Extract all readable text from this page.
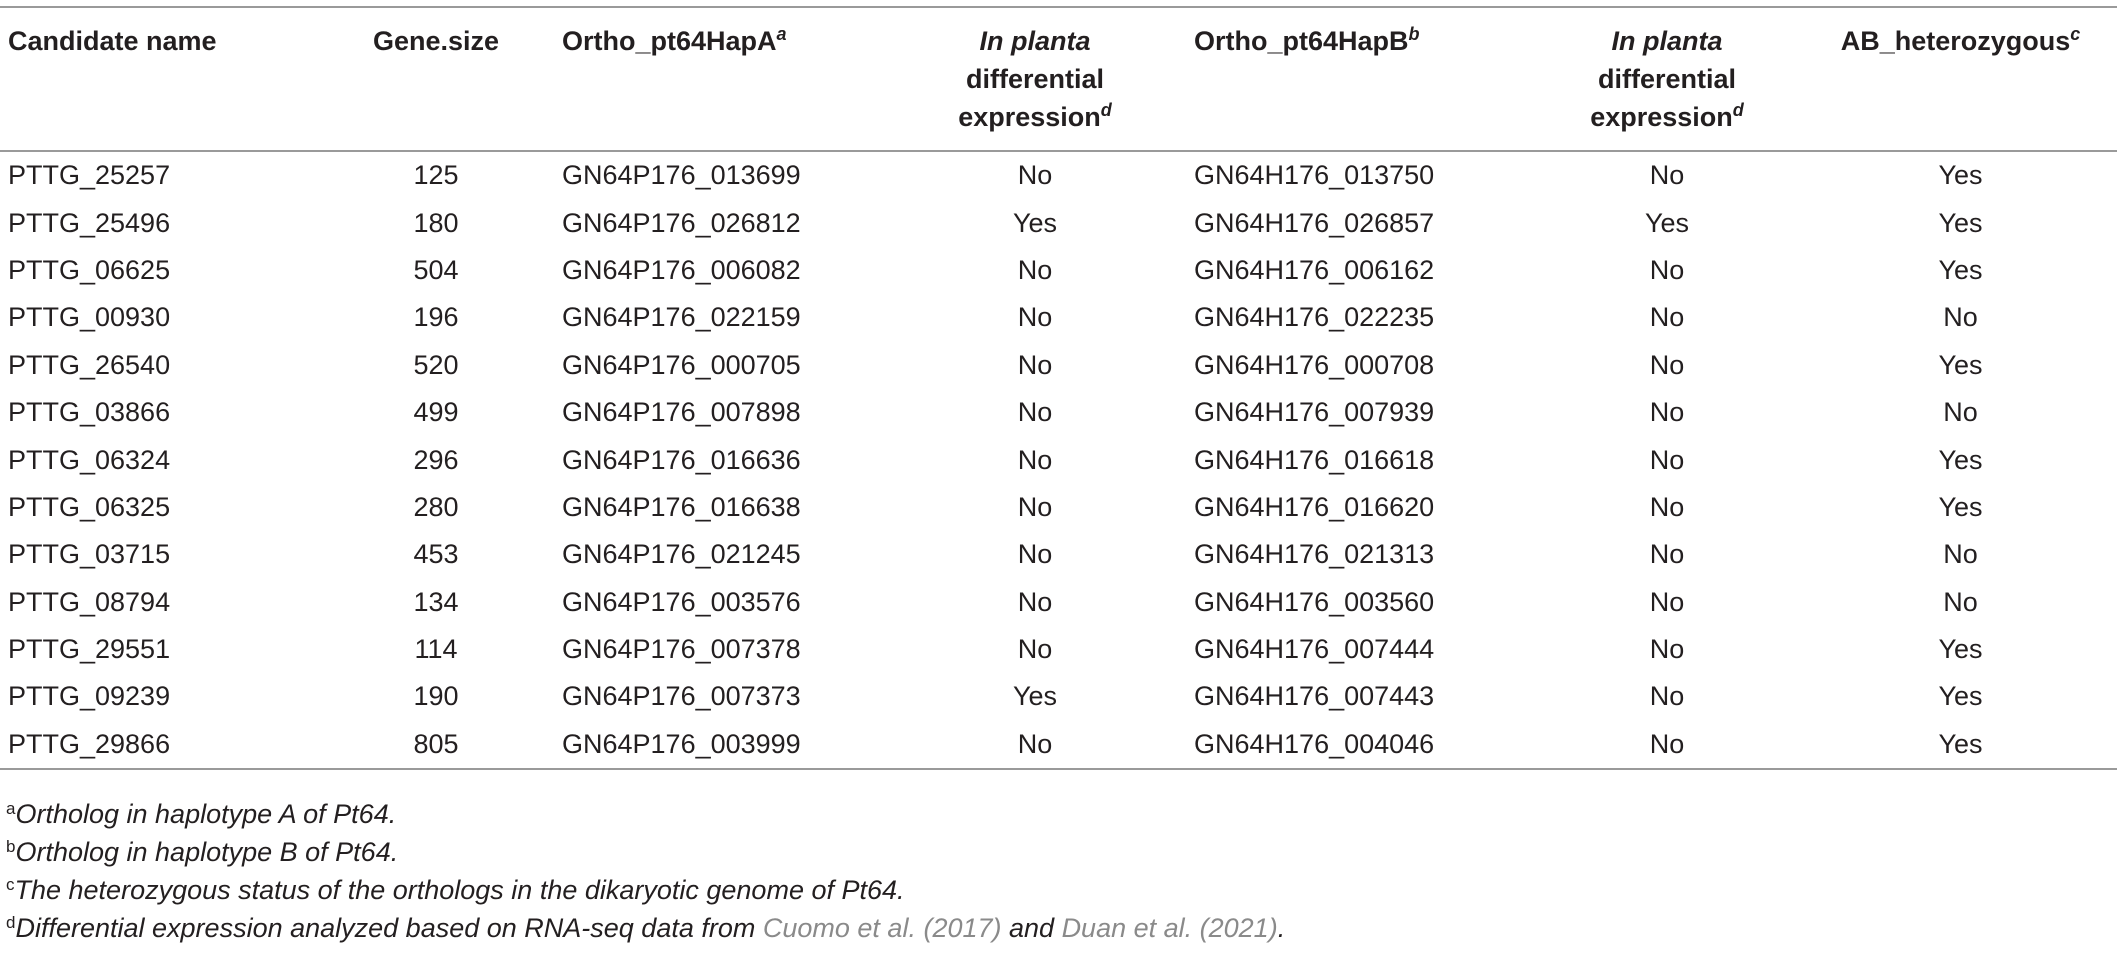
Candidate name	Gene.size	Ortho_pt64HapA$^a$	In planta
differential
expression$^d$	Ortho_pt64HapB$^b$	In planta
differential
expression$^d$	AB_heterozygous$^c$
PTTG_25257	125	GN64P176_013699	No	GN64H176_013750	No	Yes
PTTG_25496	180	GN64P176_026812	Yes	GN64H176_026857	Yes	Yes
PTTG_06625	504	GN64P176_006082	No	GN64H176_006162	No	Yes
PTTG_00930	196	GN64P176_022159	No	GN64H176_022235	No	No
PTTG_26540	520	GN64P176_000705	No	GN64H176_000708	No	Yes
PTTG_03866	499	GN64P176_007898	No	GN64H176_007939	No	No
PTTG_06324	296	GN64P176_016636	No	GN64H176_016618	No	Yes
PTTG_06325	280	GN64P176_016638	No	GN64H176_016620	No	Yes
PTTG_03715	453	GN64P176_021245	No	GN64H176_021313	No	No
PTTG_08794	134	GN64P176_003576	No	GN64H176_003560	No	No
PTTG_29551	114	GN64P176_007378	No	GN64H176_007444	No	Yes
PTTG_09239	190	GN64P176_007373	Yes	GN64H176_007443	No	Yes
PTTG_29866	805	GN64P176_003999	No	GN64H176_004046	No	Yes
$^a$Ortholog in haplotype A of Pt64.
$^b$Ortholog in haplotype B of Pt64.
$^c$The heterozygous status of the orthologs in the dikaryotic genome of Pt64.
$^d$Differential expression analyzed based on RNA-seq data from Cuomo et al. (2017) and Duan et al. (2021).
